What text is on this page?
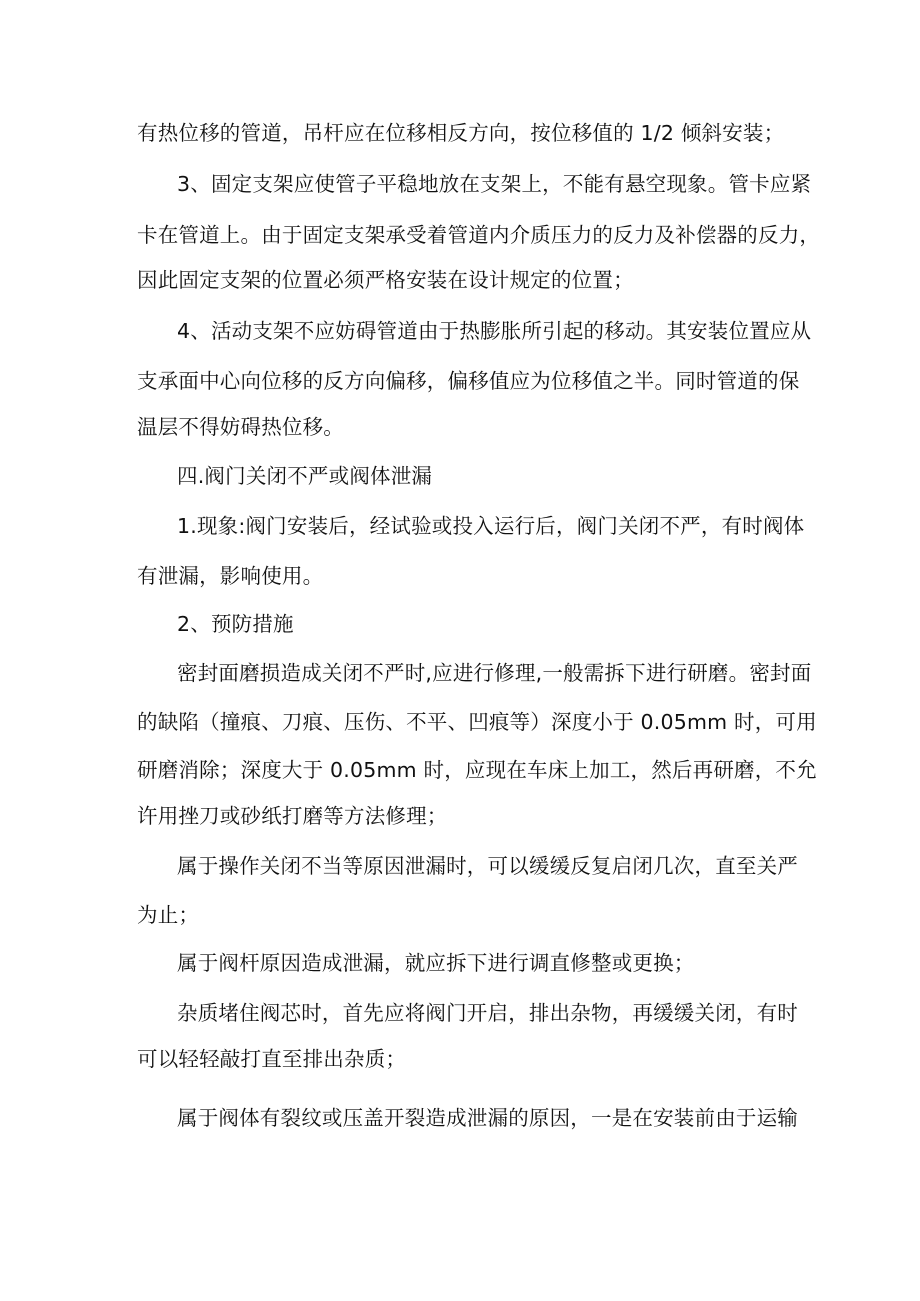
有热位移的管道，吊杆应在位移相反方向，按位移值的 1/2 倾斜安装；
3、固定支架应使管子平稳地放在支架上，不能有悬空现象。管卡应紧
卡在管道上。由于固定支架承受着管道内介质压力的反力及补偿器的反力，
因此固定支架的位置必须严格安装在设计规定的位置；
4、活动支架不应妨碍管道由于热膨胀所引起的移动。其安装位置应从
支承面中心向位移的反方向偏移，偏移值应为位移值之半。同时管道的保
温层不得妨碍热位移。
四.阀门关闭不严或阀体泄漏
1.现象:阀门安装后，经试验或投入运行后，阀门关闭不严，有时阀体
有泄漏，影响使用。
2、预防措施
密封面磨损造成关闭不严时,应进行修理,一般需拆下进行研磨。密封面
的缺陷（撞痕、刀痕、压伤、不平、凹痕等）深度小于 0.05mm 时，可用
研磨消除；深度大于 0.05mm 时，应现在车床上加工，然后再研磨，不允
许用挫刀或砂纸打磨等方法修理；
属于操作关闭不当等原因泄漏时，可以缓缓反复启闭几次，直至关严
为止；
属于阀杆原因造成泄漏，就应拆下进行调直修整或更换；
杂质堵住阀芯时，首先应将阀门开启，排出杂物，再缓缓关闭，有时
可以轻轻敲打直至排出杂质；
属于阀体有裂纹或压盖开裂造成泄漏的原因，一是在安装前由于运输
